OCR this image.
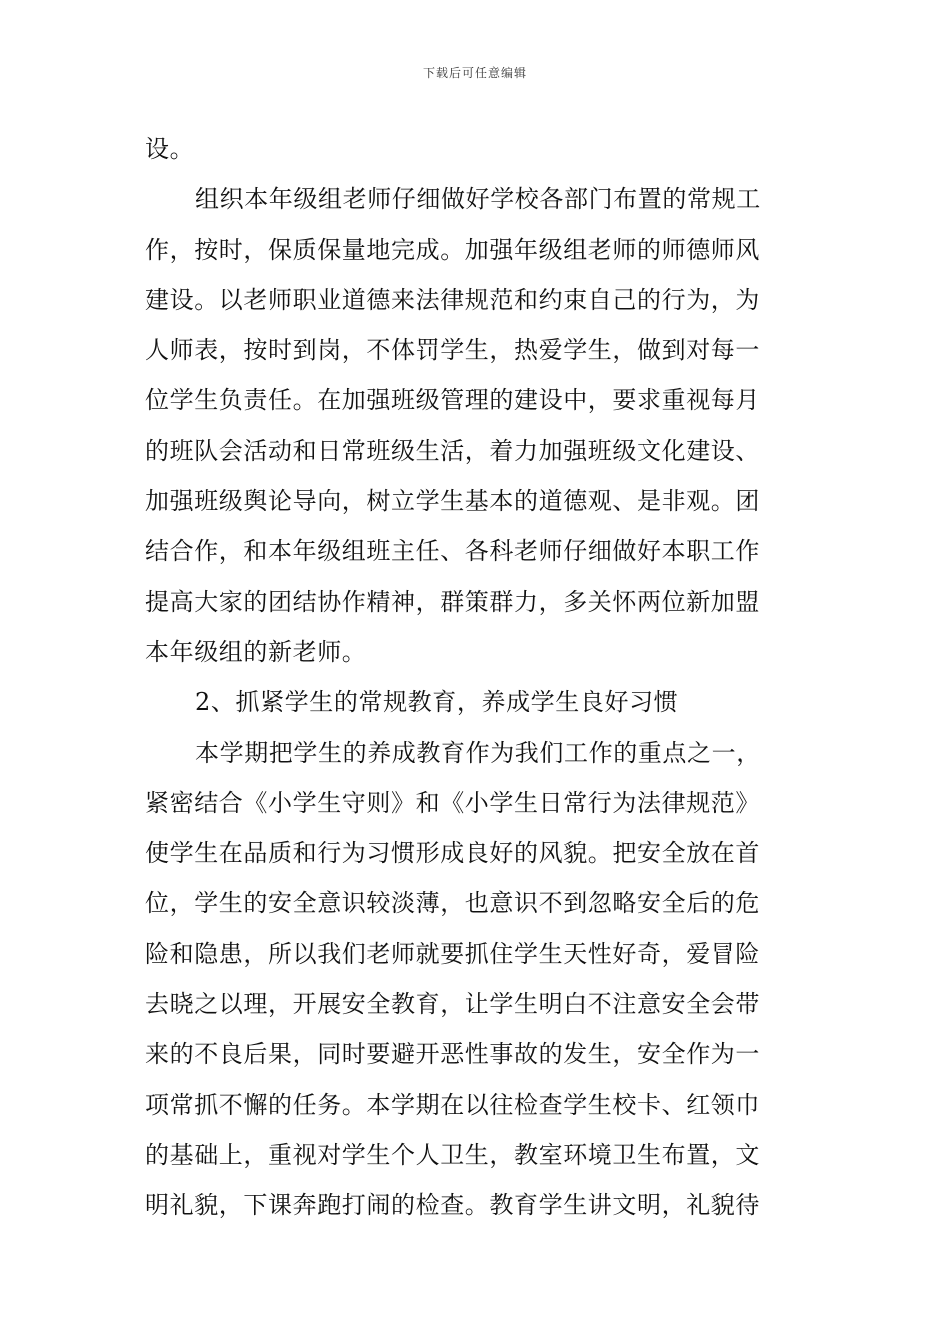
下载后可任意编辑
设。
组织本年级组老师仔细做好学校各部门布置的常规工
作，按时，保质保量地完成。加强年级组老师的师德师风
建设。以老师职业道德来法律规范和约束自己的行为，为
人师表，按时到岗，不体罚学生，热爱学生，做到对每一
位学生负责任。在加强班级管理的建设中，要求重视每月
的班队会活动和日常班级生活，着力加强班级文化建设、
加强班级舆论导向，树立学生基本的道德观、是非观。团
结合作，和本年级组班主任、各科老师仔细做好本职工作
提高大家的团结协作精神，群策群力，多关怀两位新加盟
本年级组的新老师。
2、抓紧学生的常规教育，养成学生良好习惯
本学期把学生的养成教育作为我们工作的重点之一，
紧密结合《小学生守则》和《小学生日常行为法律规范》
使学生在品质和行为习惯形成良好的风貌。把安全放在首
位，学生的安全意识较淡薄，也意识不到忽略安全后的危
险和隐患，所以我们老师就要抓住学生天性好奇，爱冒险
去晓之以理，开展安全教育，让学生明白不注意安全会带
来的不良后果，同时要避开恶性事故的发生，安全作为一
项常抓不懈的任务。本学期在以往检查学生校卡、红领巾
的基础上，重视对学生个人卫生，教室环境卫生布置，文
明礼貌，下课奔跑打闹的检查。教育学生讲文明，礼貌待
